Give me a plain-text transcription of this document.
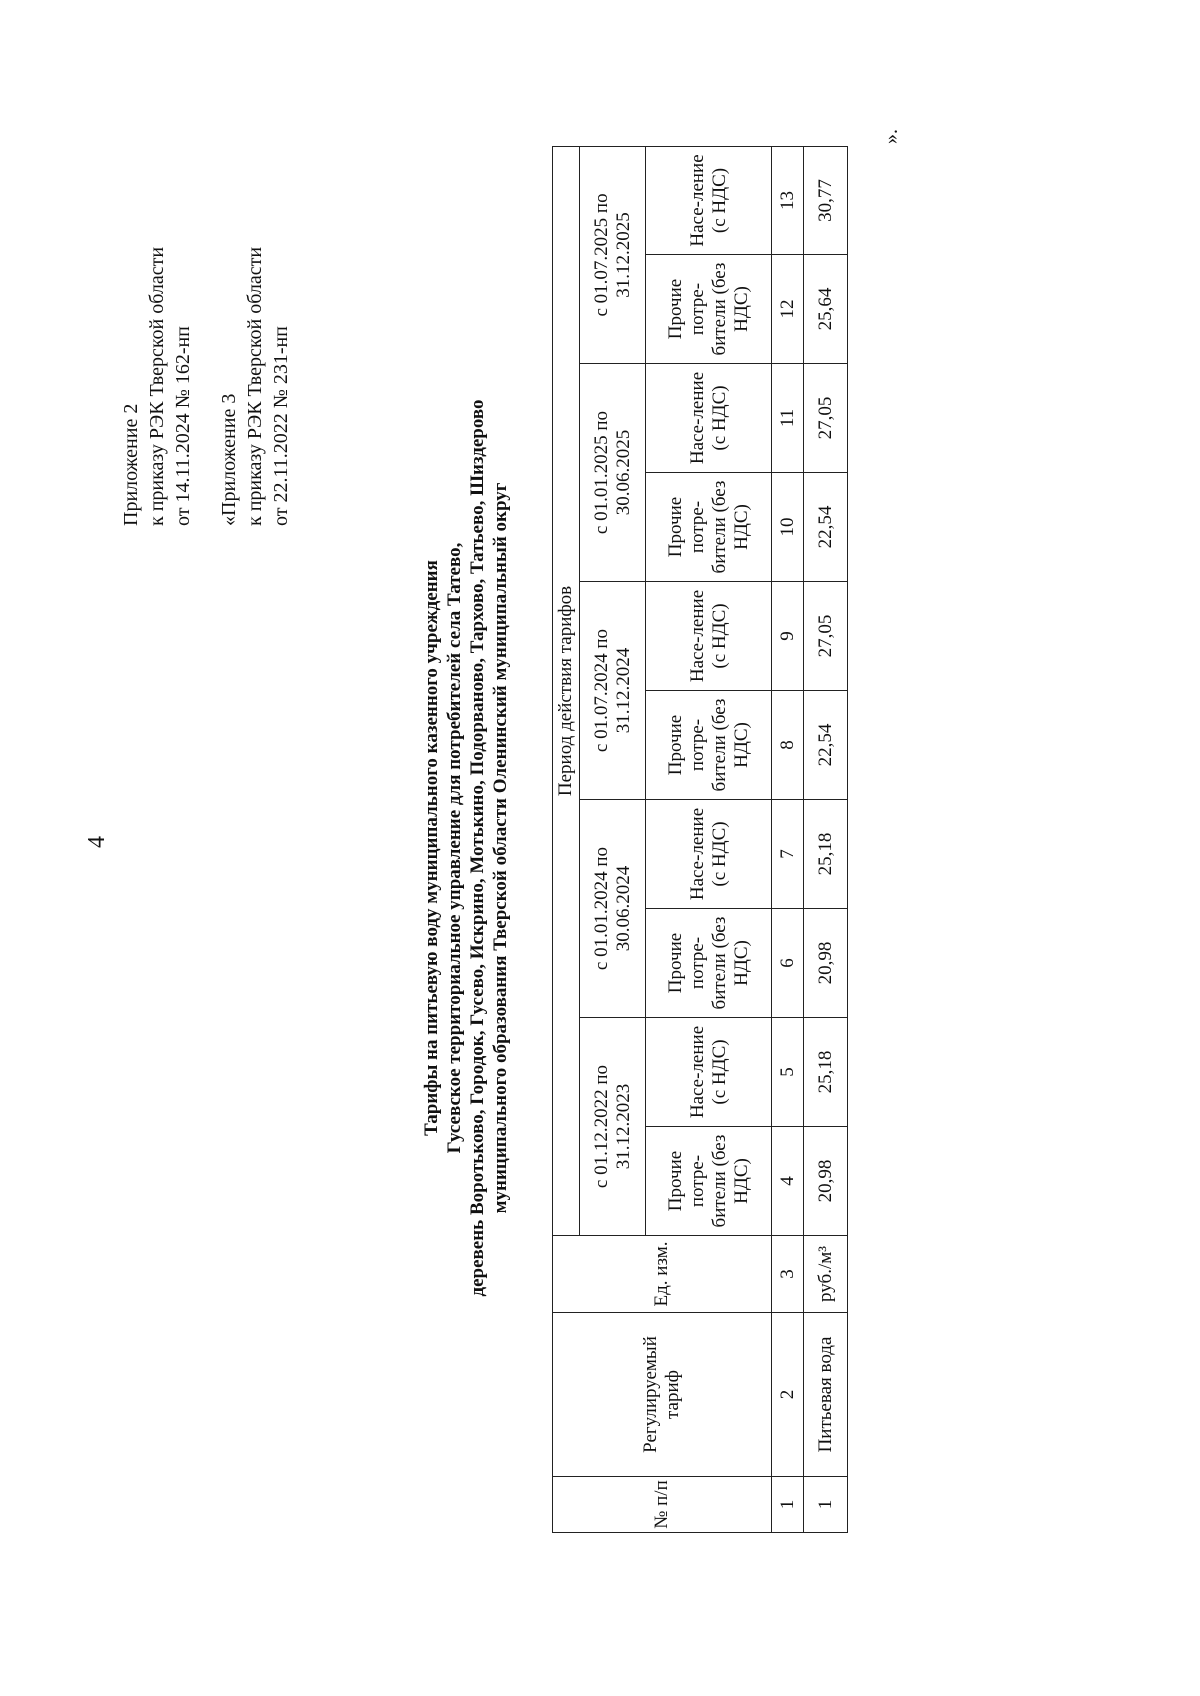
4
Приложение 2 к приказу РЭК Тверской области от 14.11.2024 № 162-нп «Приложение 3 к приказу РЭК Тверской области от 22.11.2022 № 231-нп
Тарифы на питьевую воду муниципального казенного учреждения Гусевское территориальное управление для потребителей села Татево, деревень Воротьково, Городок, Гусево, Искрино, Мотькино, Подорваново, Тархово, Татьево, Шиздерово муниципального образования Тверской области Оленинский муниципальный округ
№ п/п	Регулируемый тариф	Ед. изм.	Период действия тарифов									
			с 01.12.2022 по 31.12.2023		с 01.01.2024 по 30.06.2024		с 01.07.2024 по 31.12.2024		с 01.01.2025 по 30.06.2025		с 01.07.2025 по 31.12.2025	
			Прочие потре-бители (без НДС)	Насе-ление (с НДС)	Прочие потре-бители (без НДС)	Насе-ление (с НДС)	Прочие потре-бители (без НДС)	Насе-ление (с НДС)	Прочие потре-бители (без НДС)	Насе-ление (с НДС)	Прочие потре-бители (без НДС)	Насе-ление (с НДС)
1	2	3	4	5	6	7	8	9	10	11	12	13
1	Питьевая вода	руб./м³	20,98	25,18	20,98	25,18	22,54	27,05	22,54	27,05	25,64	30,77
».
